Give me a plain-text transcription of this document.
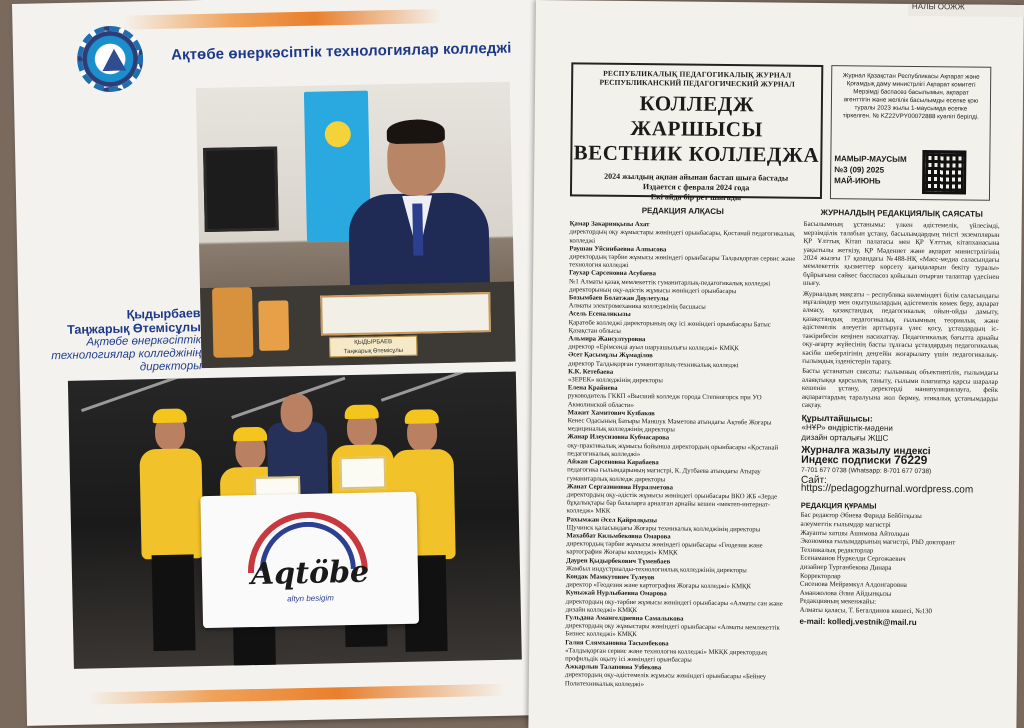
Ақтөбе өнеркәсіптік технологиялар колледжі
ҚЫДЫРБАЕВ
Таңжарық Өтемісұлы
Қыдырбаев
Таңжарық Өтемісұлы
Ақтөбе өнеркәсіптік технологиялар колледжінің директоры
Aqtöbe
altyn besigim
НАЛЫ ООЖЖ
РЕСПУБЛИКАЛЫҚ ПЕДАГОГИКАЛЫҚ ЖУРНАЛ
РЕСПУБЛИКАНСКИЙ ПЕДАГОГИЧЕСКИЙ ЖУРНАЛ
КОЛЛЕДЖ ЖАРШЫСЫ
ВЕСТНИК КОЛЛЕДЖА
2024 жылдың ақпан айынан бастап шыға бастады
Издается с февраля 2024 года
Екі айда бір рет шығады
Журнал Қазақстан Республикасы Ақпарат және Қоғамдық даму министрлігі Ақпарат комитеті Мерзімді баспасөз басылымын, ақпарат агенттігін және желілік басылымды есепке қою туралы 2023 жылы 1-маусымда есепке тіркелген. № KZ22VPY00072888 куәлігі берілді.
МАМЫР-МАУСЫМ
№3 (09) 2025
МАЙ-ИЮНЬ
РЕДАКЦИЯ АЛҚАСЫ
Қамар Закарияқызы Ахат
директордың оқу жұмыстары жөніндегі орынбасары, Қостанай педагогикалық колледжі
Раушан Уйсинбаевна Алпысова
директордың тәрбие жұмысы жөніндегі орынбасары Талдықорған сервис және технология колледжі
Гаухар Сарсеновна Асубаева
№1 Алматы қазақ мемлекеттік гуманитарлық-педагогикалық колледжі директорының оқу-әдістік жұмысы жөніндегі орынбасары
Бозымбаев Болатжан Доулетулы
Алматы электромеханика колледжінің басшысы
Асель Есеналикызы
Қаратөбе колледжі директорының оқу ісі жөніндегі орынбасары Батыс Қазақстан облысы
Альмира Жансултуровна
директор «Ерімсенді ауыл шаруашылығы колледжі» КМҚК
Әсет Қасымұлы Жұмаділов
директор Талдықорған гуманитарлық-техникалық колледжі
К.К. Кетебаева
«ЗЕРЕК» колледжінің директоры
Елена Крайнева
руководитель ГККП «Высший колледж города Степногорск при УО Акмолинской области»
Мажит Хамитович Кузбаков
Кенес Одасының Батыры Маншук Мәметова атындағы Ақтөбе Жоғары медициналық колледжінің директоры
Жанар Илеусизовна Кубмасарова
оқу-практикалық жұмысы бойынша директордың орынбасары «Қостанай педагогикалық колледжі»
Айжан Сарсеновна Карабаева
педагогика ғылымдарының магистрі, К. Дутбаева атындағы Атырау гуманитарлық колледж директоры
Жанат Сергазиновна Нуралметова
директордың оқу-әдістік жұмысы жөніндегі орынбасары ВКО ЖБ «Зерде бұқалықтары бар балаларға арналған арнайы кешен «мектеп-интернат-колледж» МКК
Рахымжан Әсел Қайролқызы
Щучинск қаласындағы Жоғары техникалық колледжінің директоры
Махаббат Кильмбековна Омарова
директордың тәрбие жұмысы жөніндегі орынбасары «Геодезия және картография Жоғары колледжі» КМҚК
Даурен Қыдырбекович Түменбаев
Жамбыл индустриалды-технологиялық колледжінің директоры
Кондак Мамкутович Тулеуов
директор «Геодезия және картография Жоғары колледжі» КМҚК
Куныжай Нурлыбаевна Омарова
директордың оқу-тәрбие жұмысы жөніндегі орынбасары «Алматы сән және дизайн колледжі» КМҚК
Гульдана Амангелдиевна Самалыкова
директордың оқу жұмыстары жөніндегі орынбасары «Алматы мемлекеттік Бизнес колледжі» КМҚК
Галия Слямхановна Тасымбекова
«Талдықорған сервис және технология колледжі» МКҚК директордың профильдік оқыту ісі жөніндегі орынбасары
Ажкарлын Талаповна Узбекова
директордың оқу-әдістемелік жұмысы жөніндегі орынбасары «Бейнеу Политехникалық колледжі»
ЖУРНАЛДЫҢ РЕДАКЦИЯЛЫҚ САЯСАТЫ

Басылымның ұстанымы: үлкен әдістемелік, үйлесімді, мерзімділік талабын ұстану, басылымдардың тиісті экземплярын ҚР Ұлттық Кітап палатасы мен ҚР Ұлттық кітапханасына уақытылы жеткізу, ҚР Мәдениет және ақпарат министрлігінің 2024 жылғы 17 қазандағы №488-НҚ «Масс-медиа саласындағы мемлекеттік қызметтер көрсету қағидаларын бекіту туралы» бұйрығына сәйкес басспасөз қойылып отырған талаптар үдесінен шығу.

Журналдың мақсаты – республика көлеміндегі білім саласындағы мұғалімдер мен оқытушылардың әдістемелік көмек беру, ақпарат алмасу, қазақстандық педагогикалық ойын-ойды дамыту, қазақстандық педагогикалық ғылымның теориялық және әдістемелік әлеуетін арттыруға үлес қосу, ұстаздардың іс-тәжірибесін кеңінен насихаттау. Педагогикалық бағытта арнайы оқу-ағарту жүйесінің басты тұлғасы ұстаздардың педагогикалық кәсіби шеберлігінің деңгейін жоғарылату үшін педагогикалық-ғылымдық ізденістерін тарату.

Басты ұстанатын саясаты: ғылымның объективтілік, ғылымдағы алаяқтыққа қарсылық таныту, ғылыми плагиатқа қарсы шаралар кешенін ұстану, деректерді манипуляциялауға, фейк ақпараттардың таралуына жол бермеу, этикалық ұстанымдарды сақтау.

Құрылтайшысы:
«НҰР» өндірістік-мәдени
дизайн орталығы ЖШС
Журналға жазылу индексі
Индекс подписки 76229
7-701 677 0738 (Whatsapp: 8-701 677 0738)
Сайт: https://pedagogzhurnal.wordpress.com
РЕДАКЦИЯ ҚҰРАМЫ
Бас редактор Әбиева Фарида Бейбітқызы
әлеуметтік ғылымдар магистрі
Жауапты хатшы Ашимова Айтолқын
Экономика ғылымдарының магистрі, PhD докторант
Техникалық редакторлар
Есенаманов Нуркелди Сергожаевич
дизайнер Турганбекова Динара
Корректорлар
Сисенова Мейрамкүл Алдонгаровна
Аманжолова Әлия Айдынқызы
Редакцияның мекенжайы:
Алматы қаласы, Т. Бегалдинов көшесі, №130
e-mail: kolledj.vestnik@mail.ru
